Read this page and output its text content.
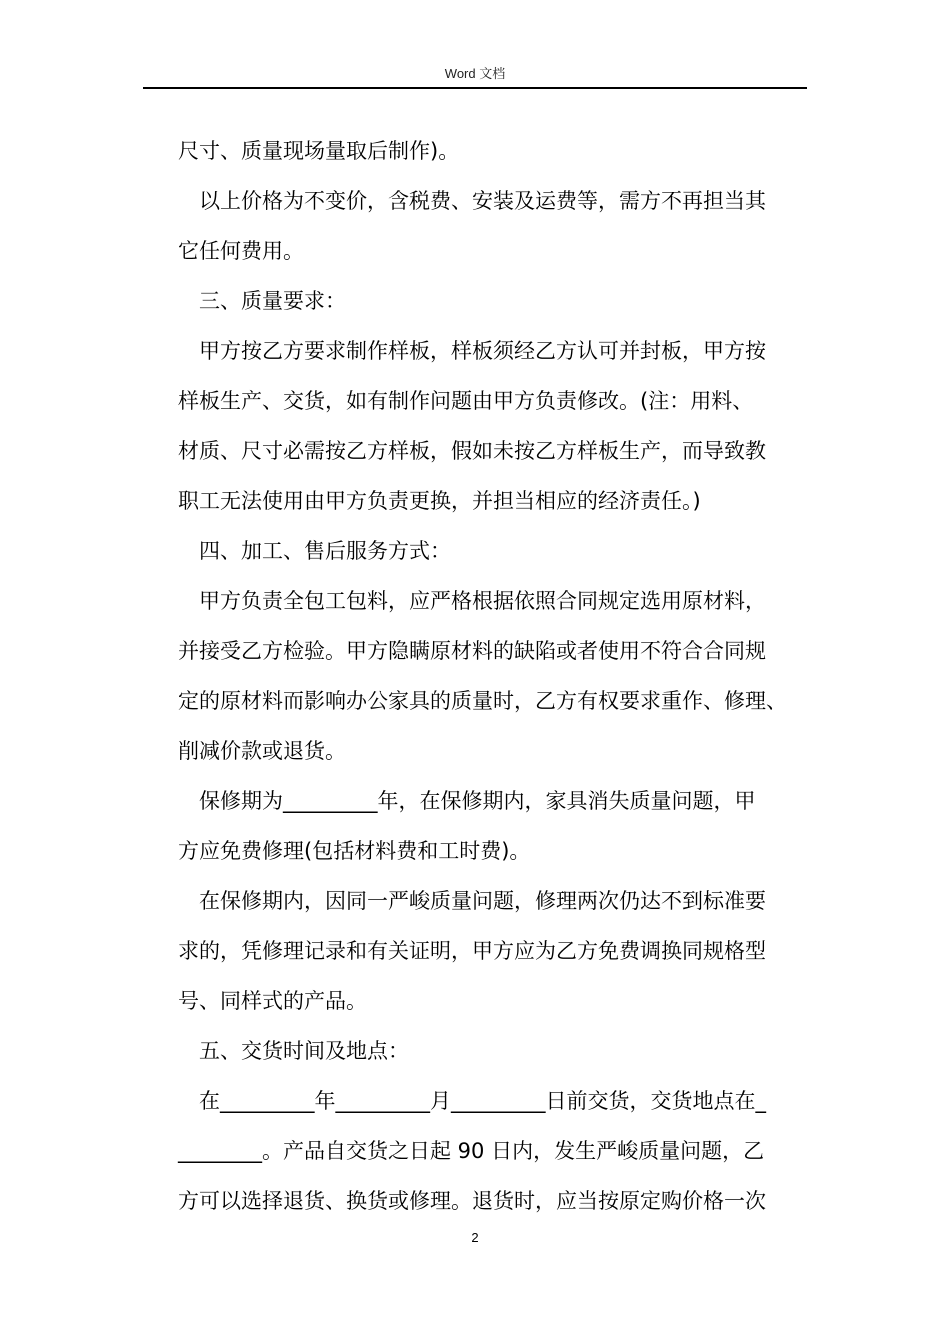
Word 文档
尺寸、质量现场量取后制作)。
以上价格为不变价，含税费、安装及运费等，需方不再担当其
它任何费用。
三、质量要求：
甲方按乙方要求制作样板，样板须经乙方认可并封板，甲方按
样板生产、交货，如有制作问题由甲方负责修改。(注：用料、
材质、尺寸必需按乙方样板，假如未按乙方样板生产，而导致教
职工无法使用由甲方负责更换，并担当相应的经济责任。)
四、加工、售后服务方式：
甲方负责全包工包料，应严格根据依照合同规定选用原材料，
并接受乙方检验。甲方隐瞒原材料的缺陷或者使用不符合合同规
定的原材料而影响办公家具的质量时，乙方有权要求重作、修理、
削减价款或退货。
保修期为_________年，在保修期内，家具消失质量问题，甲
方应免费修理(包括材料费和工时费)。
在保修期内，因同一严峻质量问题，修理两次仍达不到标准要
求的，凭修理记录和有关证明，甲方应为乙方免费调换同规格型
号、同样式的产品。
五、交货时间及地点：
在_________年_________月_________日前交货，交货地点在_
________。产品自交货之日起 90 日内，发生严峻质量问题，乙
方可以选择退货、换货或修理。退货时，应当按原定购价格一次
2
